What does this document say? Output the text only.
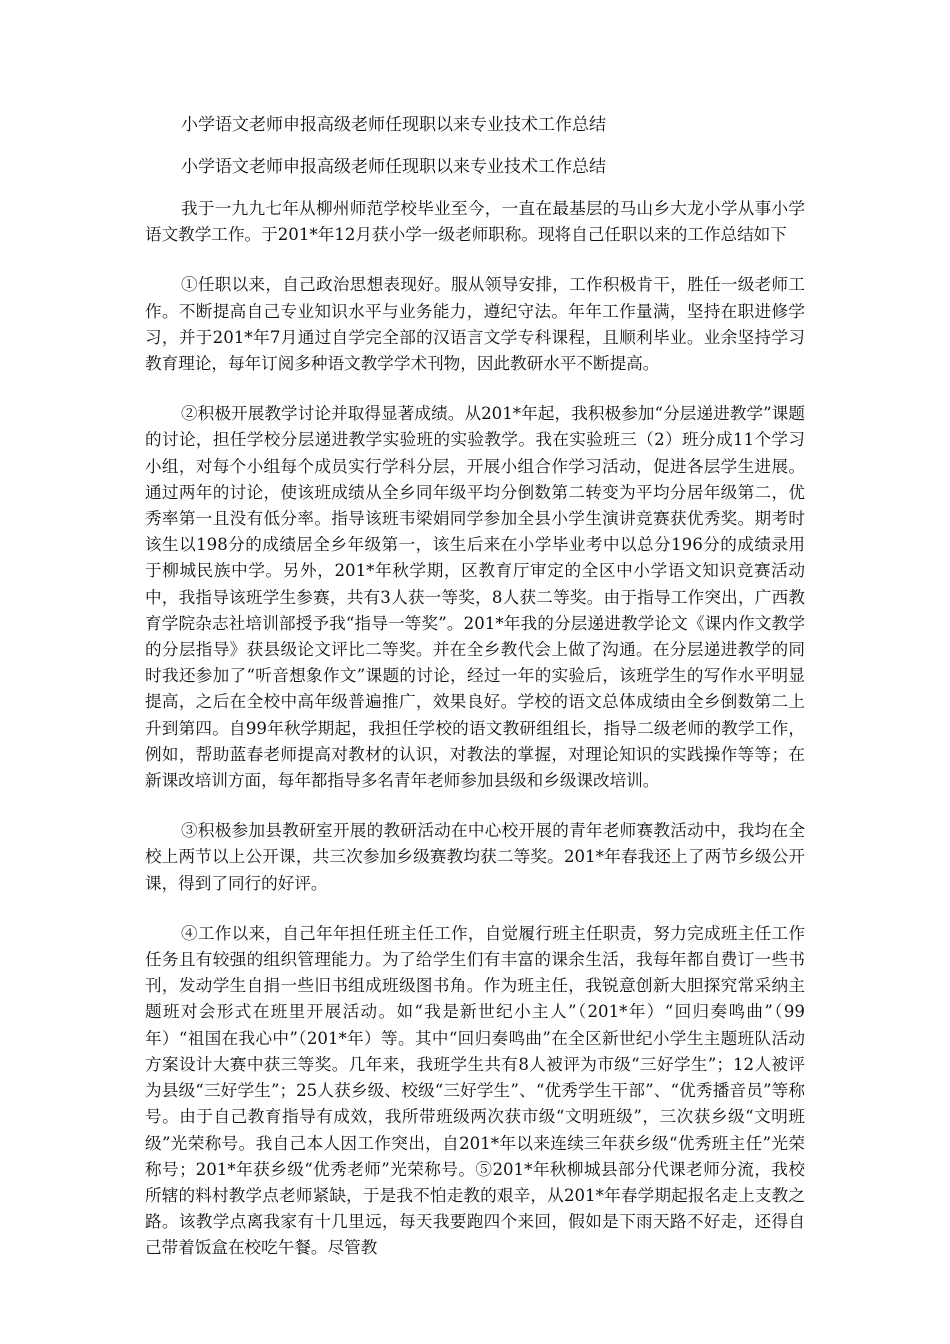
小学语文老师申报高级老师任现职以来专业技术工作总结
小学语文老师申报高级老师任现职以来专业技术工作总结

我于一九九七年从柳州师范学校毕业至今，一直在最基层的马山乡大龙小学从事小学语文教学工作。于201*年12月获小学一级老师职称。现将自己任职以来的工作总结如下

①任职以来，自己政治思想表现好。服从领导安排，工作积极肯干，胜任一级老师工作。不断提高自己专业知识水平与业务能力，遵纪守法。年年工作量满，坚持在职进修学习，并于201*年7月通过自学完全部的汉语言文学专科课程，且顺利毕业。业余坚持学习教育理论，每年订阅多种语文教学学术刊物，因此教研水平不断提高。

②积极开展教学讨论并取得显著成绩。从201*年起，我积极参加“分层递进教学”课题的讨论，担任学校分层递进教学实验班的实验教学。我在实验班三（2）班分成11个学习小组，对每个小组每个成员实行学科分层，开展小组合作学习活动，促进各层学生进展。通过两年的讨论，使该班成绩从全乡同年级平均分倒数第二转变为平均分居年级第二，优秀率第一且没有低分率。指导该班韦梁娟同学参加全县小学生演讲竞赛获优秀奖。期考时该生以198分的成绩居全乡年级第一，该生后来在小学毕业考中以总分196分的成绩录用于柳城民族中学。另外，201*年秋学期，区教育厅审定的全区中小学语文知识竞赛活动中，我指导该班学生参赛，共有3人获一等奖，8人获二等奖。由于指导工作突出，广西教育学院杂志社培训部授予我“指导一等奖”。201*年我的分层递进教学论文《课内作文教学的分层指导》获县级论文评比二等奖。并在全乡教代会上做了沟通。在分层递进教学的同时我还参加了“听音想象作文”课题的讨论，经过一年的实验后，该班学生的写作水平明显提高，之后在全校中高年级普遍推广，效果良好。学校的语文总体成绩由全乡倒数第二上升到第四。自99年秋学期起，我担任学校的语文教研组组长，指导二级老师的教学工作，例如，帮助蓝春老师提高对教材的认识，对教法的掌握，对理论知识的实践操作等等；在新课改培训方面，每年都指导多名青年老师参加县级和乡级课改培训。

③积极参加县教研室开展的教研活动在中心校开展的青年老师赛教活动中，我均在全校上两节以上公开课，共三次参加乡级赛教均获二等奖。201*年春我还上了两节乡级公开课，得到了同行的好评。

④工作以来，自己年年担任班主任工作，自觉履行班主任职责，努力完成班主任工作任务且有较强的组织管理能力。为了给学生们有丰富的课余生活，我每年都自费订一些书刊，发动学生自捐一些旧书组成班级图书角。作为班主任，我锐意创新大胆探究常采纳主题班对会形式在班里开展活动。如“我是新世纪小主人”（201*年）“回归奏鸣曲”（99年）“祖国在我心中”（201*年）等。其中“回归奏鸣曲”在全区新世纪小学生主题班队活动方案设计大赛中获三等奖。几年来，我班学生共有8人被评为市级“三好学生”；12人被评为县级“三好学生”；25人获乡级、校级“三好学生”、“优秀学生干部”、“优秀播音员”等称号。由于自己教育指导有成效，我所带班级两次获市级“文明班级”，三次获乡级“文明班级”光荣称号。我自己本人因工作突出，自201*年以来连续三年获乡级“优秀班主任”光荣称号；201*年获乡级“优秀老师”光荣称号。⑤201*年秋柳城县部分代课老师分流，我校所辖的料村教学点老师紧缺，于是我不怕走教的艰辛，从201*年春学期起报名走上支教之路。该教学点离我家有十几里远，每天我要跑四个来回，假如是下雨天路不好走，还得自己带着饭盒在校吃午餐。尽管教
